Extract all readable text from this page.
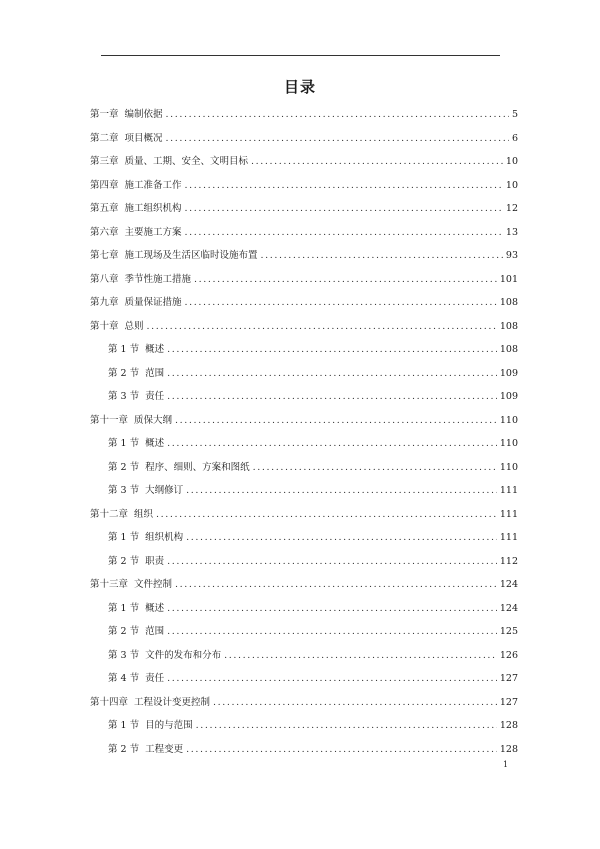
目录
第一章 编制依据 .....	5
第二章 项目概况 .....	6
第三章 质量、工期、安全、文明目标 .....	10
第四章 施工准备工作 .....	10
第五章 施工组织机构 .....	12
第六章 主要施工方案 .....	13
第七章 施工现场及生活区临时设施布置 .....	93
第八章 季节性施工措施 .....	101
第九章 质量保证措施 .....	108
第十章 总则 .....	108
第 1 节 概述 .....	108
第 2 节 范围 .....	109
第 3 节 责任 .....	109
第十一章 质保大纲 .....	110
第 1 节 概述 .....	110
第 2 节 程序、细则、方案和图纸 .....	110
第 3 节 大纲修订 .....	111
第十二章 组织 .....	111
第 1 节 组织机构 .....	111
第 2 节 职责 .....	112
第十三章 文件控制 .....	124
第 1 节 概述 .....	124
第 2 节 范围 .....	125
第 3 节 文件的发布和分布 .....	126
第 4 节 责任 .....	127
第十四章 工程设计变更控制 .....	127
第 1 节 目的与范围 .....	128
第 2 节 工程变更 .....	128
1
